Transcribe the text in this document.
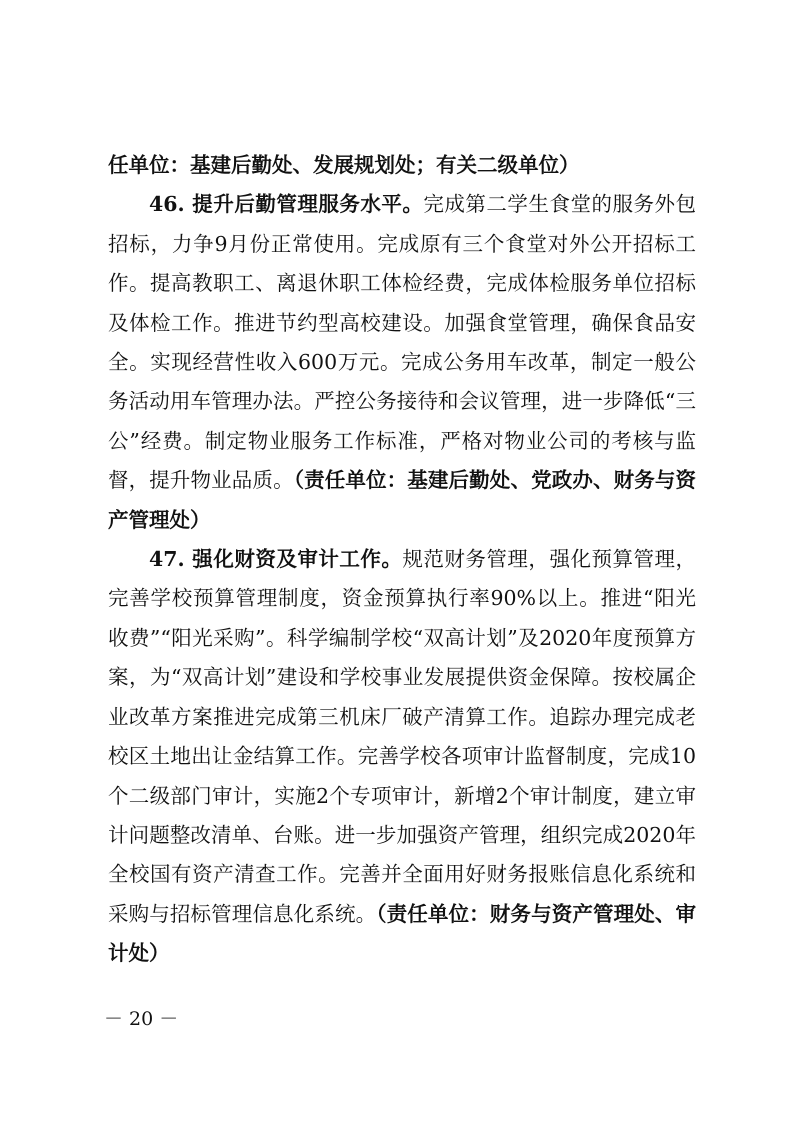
任单位：基建后勤处、发展规划处；有关二级单位）

46. 提升后勤管理服务水平。完成第二学生食堂的服务外包招标，力争9月份正常使用。完成原有三个食堂对外公开招标工作。提高教职工、离退休职工体检经费，完成体检服务单位招标及体检工作。推进节约型高校建设。加强食堂管理，确保食品安全。实现经营性收入600万元。完成公务用车改革，制定一般公务活动用车管理办法。严控公务接待和会议管理，进一步降低“三公”经费。制定物业服务工作标准，严格对物业公司的考核与监督，提升物业品质。（责任单位：基建后勤处、党政办、财务与资产管理处）

47. 强化财资及审计工作。规范财务管理，强化预算管理，完善学校预算管理制度，资金预算执行率90%以上。推进“阳光收费”“阳光采购”。科学编制学校“双高计划”及2020年度预算方案，为“双高计划”建设和学校事业发展提供资金保障。按校属企业改革方案推进完成第三机床厂破产清算工作。追踪办理完成老校区土地出让金结算工作。完善学校各项审计监督制度，完成10个二级部门审计，实施2个专项审计，新增2个审计制度，建立审计问题整改清单、台账。进一步加强资产管理，组织完成2020年全校国有资产清查工作。完善并全面用好财务报账信息化系统和采购与招标管理信息化系统。（责任单位：财务与资产管理处、审计处）

－ 20 －
